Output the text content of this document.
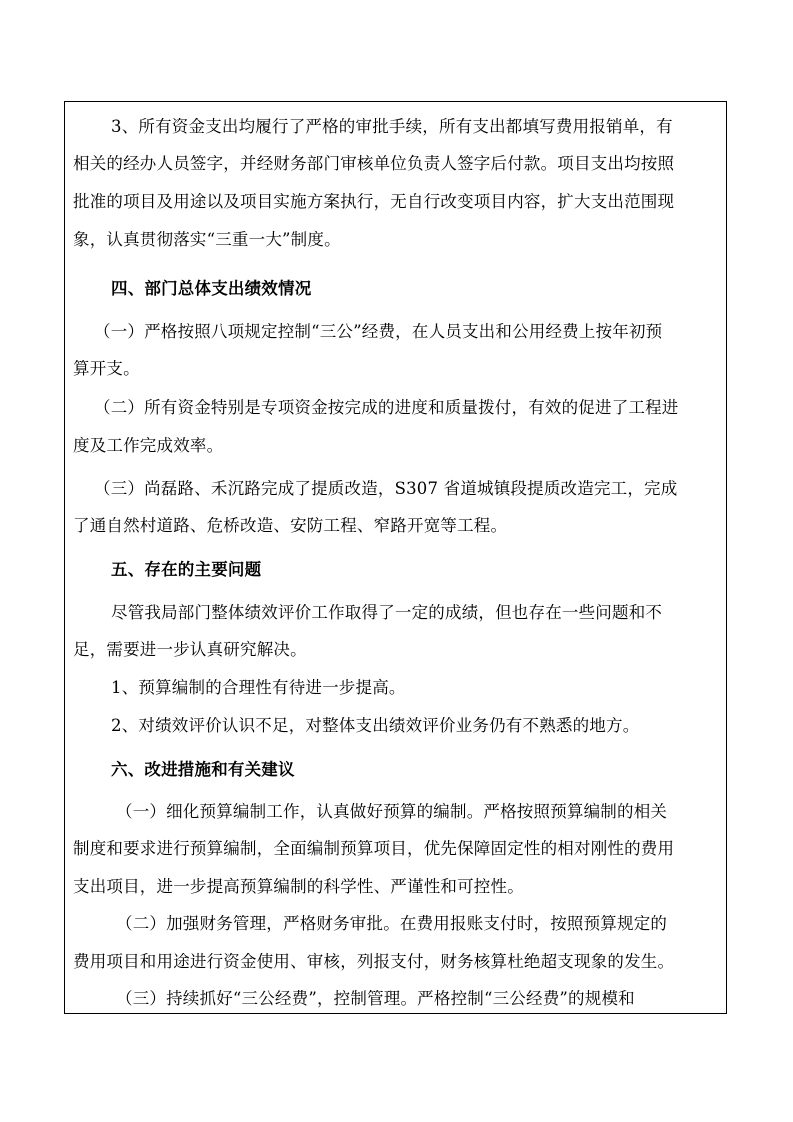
3、所有资金支出均履行了严格的审批手续，所有支出都填写费用报销单，有
相关的经办人员签字，并经财务部门审核单位负责人签字后付款。项目支出均按照
批准的项目及用途以及项目实施方案执行，无自行改变项目内容，扩大支出范围现
象，认真贯彻落实“三重一大”制度。
四、部门总体支出绩效情况
（一）严格按照八项规定控制“三公”经费，在人员支出和公用经费上按年初预
算开支。
（二）所有资金特别是专项资金按完成的进度和质量拨付，有效的促进了工程进
度及工作完成效率。
（三）尚磊路、禾沉路完成了提质改造，S307 省道城镇段提质改造完工，完成
了通自然村道路、危桥改造、安防工程、窄路开宽等工程。
五、存在的主要问题
尽管我局部门整体绩效评价工作取得了一定的成绩，但也存在一些问题和不
足，需要进一步认真研究解决。
1、预算编制的合理性有待进一步提高。
2、对绩效评价认识不足，对整体支出绩效评价业务仍有不熟悉的地方。
六、改进措施和有关建议
（一）细化预算编制工作，认真做好预算的编制。严格按照预算编制的相关
制度和要求进行预算编制，全面编制预算项目，优先保障固定性的相对刚性的费用
支出项目，进一步提高预算编制的科学性、严谨性和可控性。
（二）加强财务管理，严格财务审批。在费用报账支付时，按照预算规定的
费用项目和用途进行资金使用、审核，列报支付，财务核算杜绝超支现象的发生。
（三）持续抓好“三公经费”，控制管理。严格控制“三公经费”的规模和
